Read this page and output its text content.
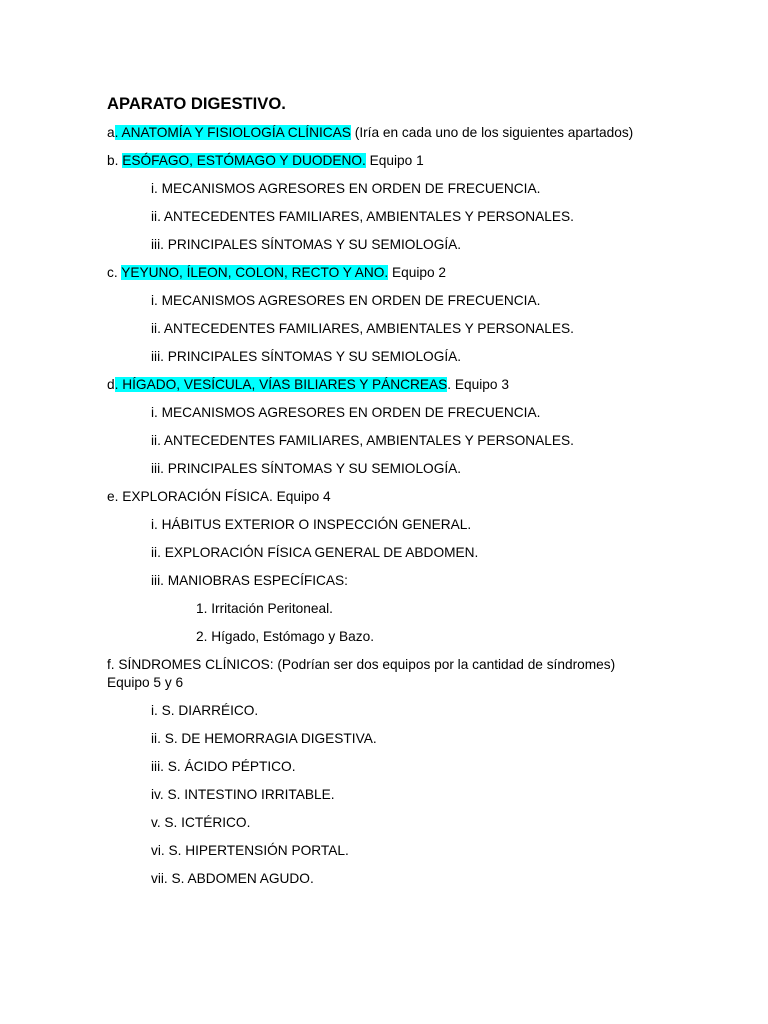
APARATO DIGESTIVO.
a. ANATOMÍA Y FISIOLOGÍA CLÍNICAS (Iría en cada uno de los siguientes apartados)
b. ESÓFAGO, ESTÓMAGO Y DUODENO. Equipo 1
i. MECANISMOS AGRESORES EN ORDEN DE FRECUENCIA.
ii. ANTECEDENTES FAMILIARES, AMBIENTALES Y PERSONALES.
iii. PRINCIPALES SÍNTOMAS Y SU SEMIOLOGÍA.
c. YEYUNO, ÍLEON, COLON, RECTO Y ANO. Equipo 2
i. MECANISMOS AGRESORES EN ORDEN DE FRECUENCIA.
ii. ANTECEDENTES FAMILIARES, AMBIENTALES Y PERSONALES.
iii. PRINCIPALES SÍNTOMAS Y SU SEMIOLOGÍA.
d. HÍGADO, VESÍCULA, VÍAS BILIARES Y PÁNCREAS. Equipo 3
i. MECANISMOS AGRESORES EN ORDEN DE FRECUENCIA.
ii. ANTECEDENTES FAMILIARES, AMBIENTALES Y PERSONALES.
iii. PRINCIPALES SÍNTOMAS Y SU SEMIOLOGÍA.
e. EXPLORACIÓN FÍSICA. Equipo 4
i. HÁBITUS EXTERIOR O INSPECCIÓN GENERAL.
ii. EXPLORACIÓN FÍSICA GENERAL DE ABDOMEN.
iii. MANIOBRAS ESPECÍFICAS:
1. Irritación Peritoneal.
2. Hígado, Estómago y Bazo.
f. SÍNDROMES CLÍNICOS: (Podrían ser dos equipos por la cantidad de síndromes)
Equipo 5 y 6
i. S. DIARRÉICO.
ii. S. DE HEMORRAGIA DIGESTIVA.
iii. S. ÁCIDO PÉPTICO.
iv. S. INTESTINO IRRITABLE.
v. S. ICTÉRICO.
vi. S. HIPERTENSIÓN PORTAL.
vii. S. ABDOMEN AGUDO.
